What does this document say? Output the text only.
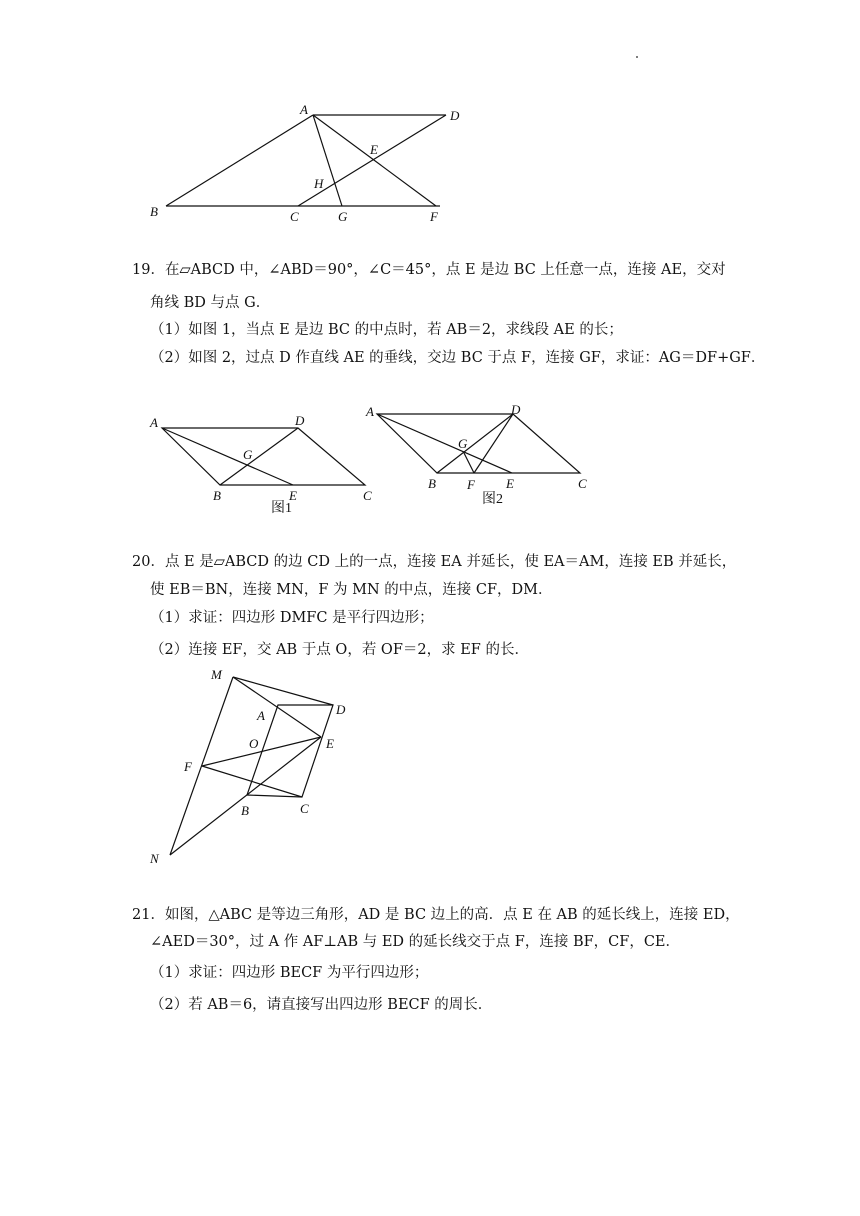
A	D
E
H
B	C	G	F
19．在▱ABCD 中，∠ABD＝90°，∠C＝45°，点 E 是边 BC 上任意一点，连接 AE，交对
角线 BD 与点 G．
（1）如图 1，当点 E 是边 BC 的中点时，若 AB＝2，求线段 AE 的长；
（2）如图 2，过点 D 作直线 AE 的垂线，交边 BC 于点 F，连接 GF，求证：AG＝DF+GF．
A	D
G
B	E	C
图1
A	D
G
B F E	C
图2
20．点 E 是▱ABCD 的边 CD 上的一点，连接 EA 并延长，使 EA＝AM，连接 EB 并延长，
使 EB＝BN，连接 MN，F 为 MN 的中点，连接 CF，DM．
（1）求证：四边形 DMFC 是平行四边形；
（2）连接 EF，交 AB 于点 O，若 OF＝2，求 EF 的长．
M
A	D
O	E
F
B	C
N
21．如图，△ABC 是等边三角形，AD 是 BC 边上的高．点 E 在 AB 的延长线上，连接 ED，
∠AED＝30°，过 A 作 AF⊥AB 与 ED 的延长线交于点 F，连接 BF，CF，CE．
（1）求证：四边形 BECF 为平行四边形；
（2）若 AB＝6，请直接写出四边形 BECF 的周长．
